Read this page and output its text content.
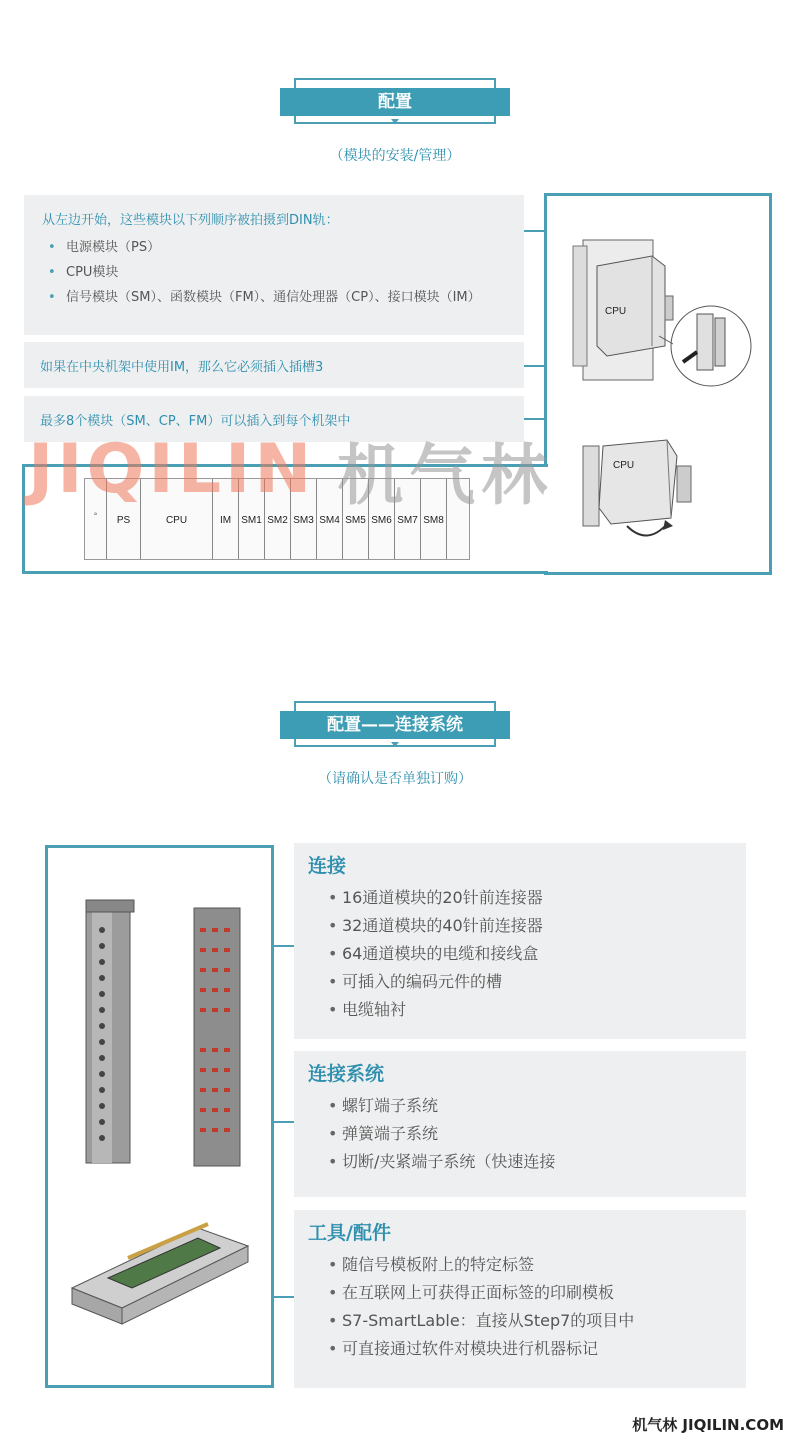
配置
（模块的安装/管理）
从左边开始，这些模块以下列顺序被拍摄到DIN轨：
• 电源模块（PS）
• CPU模块
• 信号模块（SM）、函数模块（FM）、通信处理器（CP）、接口模块（IM）
如果在中央机架中使用IM，那么它必须插入插槽3
最多8个模块（SM、CP、FM）可以插入到每个机架中
CPU
CPU
◦
PS	CPU	IM	SM1 SM2 SM3 SM4 SM5 SM6 SM7 SM8
JIQILIN 机气林
配置——连接系统
（请确认是否单独订购）
连接
• 16通道模块的20针前连接器
• 32通道模块的40针前连接器
• 64通道模块的电缆和接线盒
• 可插入的编码元件的槽
• 电缆轴衬
连接系统
• 螺钉端子系统
• 弹簧端子系统
• 切断/夹紧端子系统（快速连接
工具/配件
• 随信号模板附上的特定标签
• 在互联网上可获得正面标签的印刷模板
• S7-SmartLable：直接从Step7的项目中
• 可直接通过软件对模块进行机器标记
机气林 JIQILIN.COM
